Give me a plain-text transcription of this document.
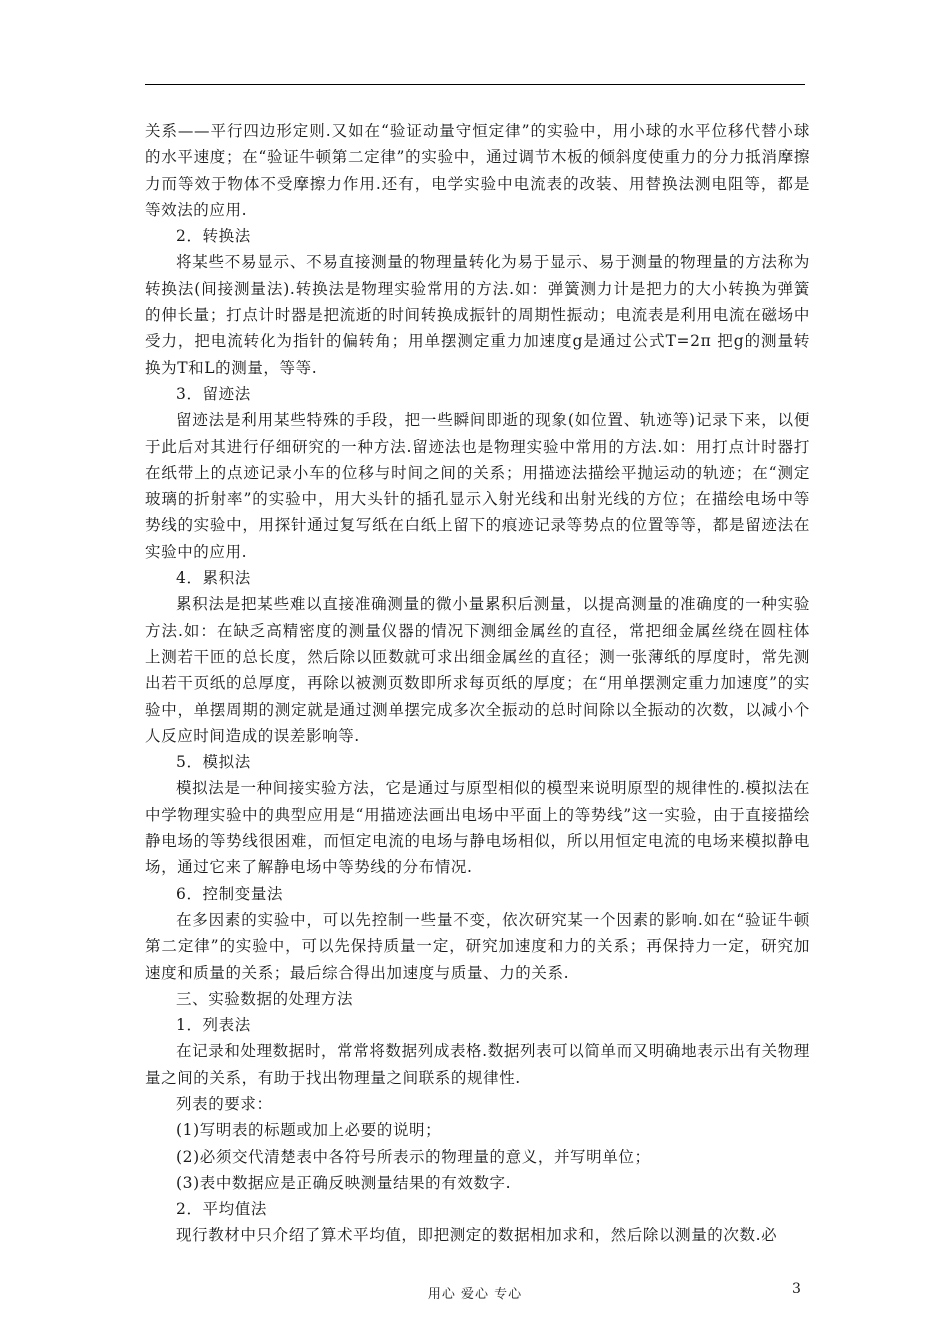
关系——平行四边形定则.又如在“验证动量守恒定律”的实验中，用小球的水平位移代替小球的水平速度；在“验证牛顿第二定律”的实验中，通过调节木板的倾斜度使重力的分力抵消摩擦力而等效于物体不受摩擦力作用.还有，电学实验中电流表的改装、用替换法测电阻等，都是等效法的应用.

2．转换法

将某些不易显示、不易直接测量的物理量转化为易于显示、易于测量的物理量的方法称为转换法(间接测量法).转换法是物理实验常用的方法.如：弹簧测力计是把力的大小转换为弹簧的伸长量；打点计时器是把流逝的时间转换成振针的周期性振动；电流表是利用电流在磁场中受力，把电流转化为指针的偏转角；用单摆测定重力加速度g是通过公式T=2π 把g的测量转换为T和L的测量，等等.

3．留迹法

留迹法是利用某些特殊的手段，把一些瞬间即逝的现象(如位置、轨迹等)记录下来，以便于此后对其进行仔细研究的一种方法.留迹法也是物理实验中常用的方法.如：用打点计时器打在纸带上的点迹记录小车的位移与时间之间的关系；用描迹法描绘平抛运动的轨迹；在“测定玻璃的折射率”的实验中，用大头针的插孔显示入射光线和出射光线的方位；在描绘电场中等势线的实验中，用探针通过复写纸在白纸上留下的痕迹记录等势点的位置等等，都是留迹法在实验中的应用.

4．累积法

累积法是把某些难以直接准确测量的微小量累积后测量，以提高测量的准确度的一种实验方法.如：在缺乏高精密度的测量仪器的情况下测细金属丝的直径，常把细金属丝绕在圆柱体上测若干匝的总长度，然后除以匝数就可求出细金属丝的直径；测一张薄纸的厚度时，常先测出若干页纸的总厚度，再除以被测页数即所求每页纸的厚度；在“用单摆测定重力加速度”的实验中，单摆周期的测定就是通过测单摆完成多次全振动的总时间除以全振动的次数，以减小个人反应时间造成的误差影响等.

5．模拟法

模拟法是一种间接实验方法，它是通过与原型相似的模型来说明原型的规律性的.模拟法在中学物理实验中的典型应用是“用描迹法画出电场中平面上的等势线”这一实验，由于直接描绘静电场的等势线很困难，而恒定电流的电场与静电场相似，所以用恒定电流的电场来模拟静电场，通过它来了解静电场中等势线的分布情况.

6．控制变量法

在多因素的实验中，可以先控制一些量不变，依次研究某一个因素的影响.如在“验证牛顿第二定律”的实验中，可以先保持质量一定，研究加速度和力的关系；再保持力一定，研究加速度和质量的关系；最后综合得出加速度与质量、力的关系.

三、实验数据的处理方法

1．列表法

在记录和处理数据时，常常将数据列成表格.数据列表可以简单而又明确地表示出有关物理量之间的关系，有助于找出物理量之间联系的规律性.

列表的要求：

(1)写明表的标题或加上必要的说明；

(2)必须交代清楚表中各符号所表示的物理量的意义，并写明单位；

(3)表中数据应是正确反映测量结果的有效数字.

2．平均值法

现行教材中只介绍了算术平均值，即把测定的数据相加求和，然后除以测量的次数.必

用心 爱心 专心	3
